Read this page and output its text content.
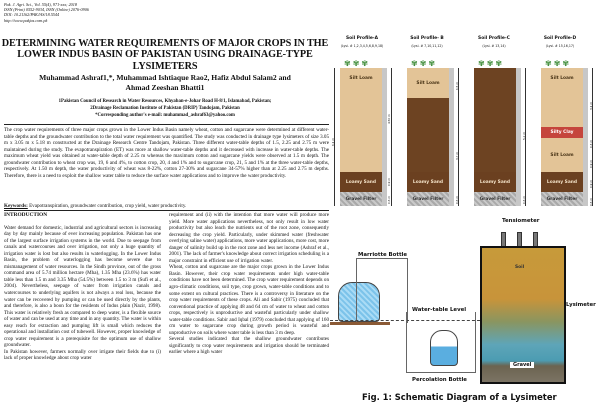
Pak. J. Agri. Sci., Vol. 55(4), 971-xxx; 2018
ISSN (Print) 0552-9034, ISSN (Online) 2076-0906
DOI: 10.21162/PAKJAS/18.5544
http://www.pakjas.com.pk
DETERMINING WATER REQUIREMENTS OF MAJOR CROPS IN THE LOWER INDUS BASIN OF PAKISTAN USING DRAINAGE-TYPE LYSIMETERS
Muhammad Ashraf1,*, Muhammad Ishtiaque Rao2, Hafiz Abdul Salam2 and
Ahmad Zeeshan Bhatti1
1Pakistan Council of Research in Water Resources, Khyaban-e-Johar Road H-8/1, Islamabad, Pakistan;
2Drainage Reclamation Institute of Pakistan (DRIP) Tandojam, Pakistan
*Corresponding author's e-mail: muhammad_ashraf63@yahoo.com
The crop water requirements of three major crops grown in the Lower Indus Basin namely wheat, cotton and sugarcane were determined at different water-table depths and the groundwater contribution to the total water requirement was quantified. The study was conducted in drainage type lysimeters of size 3.05 m x 3.05 m x 5.18 m constructed at the Drainage Research Centre Tandojam, Pakistan. Three different water-table depths of 1.5, 2.25 and 2.75 m were maintained during the study. The evapotranspiration (ET) was more at shallow water-table depths and it decreased with increase in water-table depths. The maximum wheat yield was obtained at water-table depth of 2.25 m whereas the maximum cotton and sugarcane yields were observed at 1.5 m depth. The groundwater contribution to wheat crop was, 19, 6 and 4%, to cotton crop, 20, 4 and 1% and to sugarcane crop, 21, 5 and 1% at the three water-table depths, respectively. At 1.50 m depth, the water productivity of wheat was 8-22%, cotton 27-30% and sugarcane 34-57% higher than at 2.25 and 2.75 m depths. Therefore, there is a need to exploit the shallow water table to reduce the surface water applications and to improve the water productivity.
Keywords: Evapotranspiration, groundwater contribution, crop yield, water productivity.
INTRODUCTION

Water demand for domestic, industrial and agricultural sectors is increasing day by day mainly because of ever increasing population. Pakistan has one of the largest surface irrigation systems in the world. Due to seepage from canals and watercourses and over irrigation, not only a huge quantity of irrigation water is lost but also results in waterlogging. In the Lower Indus Basin, the problem of waterlogging has become severe due to mismanagement of water resources. In the Sindh province, out of the gross command area of 5.74 million hectare (Mha), 1.35 Mha (23.6%) has water table less than 1.5 m and 3.35 Mha (54.5%) between 1.5 to 3 m (Sufi et al., 2004). Nevertheless, seepage of water from irrigation canals and watercourses to underlying aquifers is not always a real loss, because the water can be recovered by pumping or can be used directly by the plants, and therefore, is also a boon for the residents of Indus plain (Nazir, 1998). This water is relatively fresh as compared to deep water, is a flexible source of water and can be used at any time and in any quantity. The water is within easy reach for extraction and pumping lift is small which reduces the operational and installation cost of tubewell. However, proper knowledge of crop water requirement is a prerequisite for the optimum use of shallow groundwater.

In Pakistan however, farmers normally over irrigate their fields due to (i) lack of proper knowledge about crop water

requirement and (ii) with the intention that more water will produce more yield. More water applications nevertheless, not only result in low water productivity but also leach the nutrients out of the root zone, consequently decreasing the crop yield. Particularly, under skimmed water (freshwater overlying saline water) applications, more water applications, more cost, more danger of salinity build up in the root zone and less net income (Ashraf et al., 2001). The lack of farmer's knowledge about correct irrigation scheduling is a major constraint in efficient use of irrigation water.

Wheat, cotton and sugarcane are the major crops grown in the Lower Indus Basin. However, their crop water requirements under high water-table conditions have not been determined. The crop water requirement depends on agro-climatic conditions, soil type, crop grown, water-table conditions and to some extent on cultural practices. There is a controversy in literature on the crop water requirements of these crops. Ali and Sabir (1975) concluded that conventional practice of applying 48 and 64 cm of water to wheat and cotton crops, respectively is unproductive and wasteful particularly under shallow water-table conditions. Sabir and Iqbal (1979) concluded that applying of 160 cm water to sugarcane crop during growth period is wasteful and unproductive on soils where water table is less than 3 m deep.

Several studies indicated that the shallow groundwater contributes significantly to crop water requirements and irrigation should be terminated earlier where a high water

Soil Profile-A
(Lysi. # 1,2,3,4,5,6,8,9,18)
Soil Profile- B
(Lysi. # 7,10,11,12)
Soil Profile-C
(Lysi. # 13,14)
Soil Profile-D
(Lysi. # 15,16,17)
✾✾✾
Silt Loam
Loamy Sand
Gravel Filter
6.1 m
4.50 m
0.9 m
0.6 m
✾✾✾
Silt Loam
Loamy Sand
Gravel Filter
1.5 m
3.7 m
0.6 m
✾✾✾
Loamy Sand
Gravel Filter
5.2 m
0.6 m
✾✾✾
Silt Loam
Silty Clay
Silt Loam
Loamy Sand
Gravel Filter
3.1 m
0.3 m
0.9 m
0.9 m
0.6 m
Tensiometer
Soil
Lysimeter
Gravel
Marriotte Bottle
Water-table Level
Percolation Bottle
Fig. 1: Schematic Diagram of a Lysimeter
